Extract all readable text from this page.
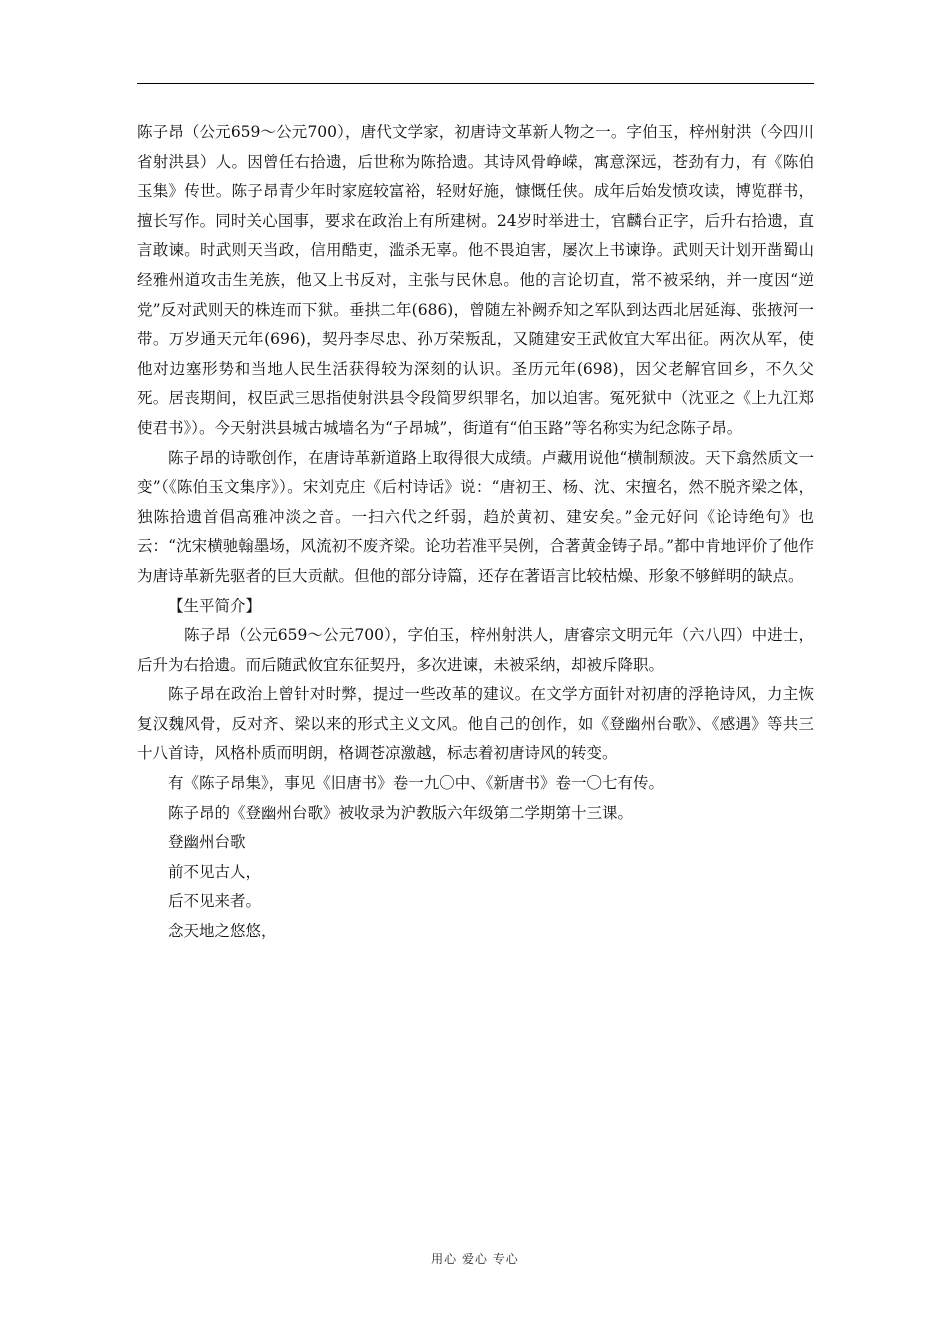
陈子昂（公元659～公元700），唐代文学家，初唐诗文革新人物之一。字伯玉，梓州射洪（今四川省射洪县）人。因曾任右拾遗，后世称为陈拾遗。其诗风骨峥嵘，寓意深远，苍劲有力，有《陈伯玉集》传世。陈子昂青少年时家庭较富裕，轻财好施，慷慨任侠。成年后始发愤攻读，博览群书，擅长写作。同时关心国事，要求在政治上有所建树。24岁时举进士，官麟台正字，后升右拾遗，直言敢谏。时武则天当政，信用酷吏，滥杀无辜。他不畏迫害，屡次上书谏诤。武则天计划开凿蜀山经雅州道攻击生羌族，他又上书反对，主张与民休息。他的言论切直，常不被采纳，并一度因“逆党”反对武则天的株连而下狱。垂拱二年(686)，曾随左补阙乔知之军队到达西北居延海、张掖河一带。万岁通天元年(696)，契丹李尽忠、孙万荣叛乱，又随建安王武攸宜大军出征。两次从军，使他对边塞形势和当地人民生活获得较为深刻的认识。圣历元年(698)，因父老解官回乡，不久父死。居丧期间，权臣武三思指使射洪县令段简罗织罪名，加以迫害。冤死狱中（沈亚之《上九江郑使君书》）。今天射洪县城古城墙名为“子昂城”，街道有“伯玉路”等名称实为纪念陈子昂。

陈子昂的诗歌创作，在唐诗革新道路上取得很大成绩。卢藏用说他“横制颓波。天下翕然质文一变”（《陈伯玉文集序》）。宋刘克庄《后村诗话》说：“唐初王、杨、沈、宋擅名，然不脱齐梁之体，独陈拾遗首倡高雅冲淡之音。一扫六代之纤弱，趋於黄初、建安矣。”金元好问《论诗绝句》也云：“沈宋横驰翰墨场，风流初不废齐梁。论功若准平吴例，合著黄金铸子昂。”都中肯地评价了他作为唐诗革新先驱者的巨大贡献。但他的部分诗篇，还存在著语言比较枯燥、形象不够鲜明的缺点。

【生平简介】

陈子昂（公元659～公元700），字伯玉，梓州射洪人，唐睿宗文明元年（六八四）中进士，后升为右拾遗。而后随武攸宜东征契丹，多次进谏，未被采纳，却被斥降职。

陈子昂在政治上曾针对时弊，提过一些改革的建议。在文学方面针对初唐的浮艳诗风，力主恢复汉魏风骨，反对齐、梁以来的形式主义文风。他自己的创作，如《登幽州台歌》、《感遇》等共三十八首诗，风格朴质而明朗，格调苍凉激越，标志着初唐诗风的转变。

有《陈子昂集》，事见《旧唐书》卷一九〇中、《新唐书》卷一〇七有传。

陈子昂的《登幽州台歌》被收录为沪教版六年级第二学期第十三课。

登幽州台歌

前不见古人，

后不见来者。

念天地之悠悠，

用心 爱心 专心
